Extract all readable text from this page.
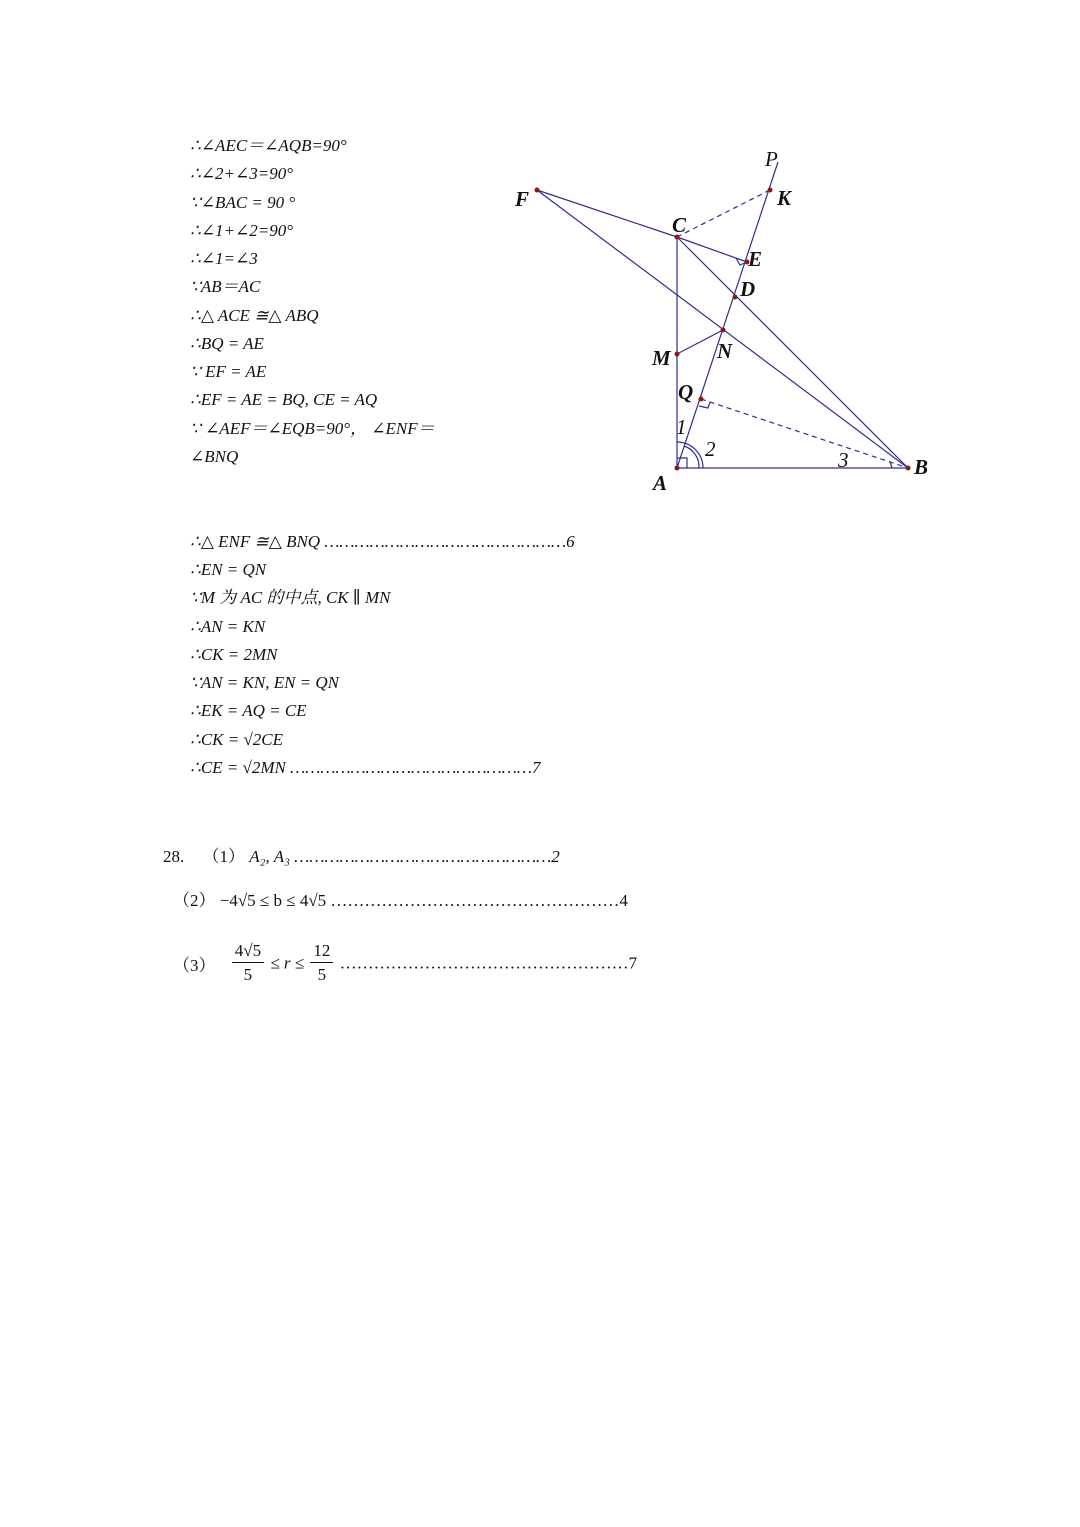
∴∠AEC＝∠AQB=90°
∴∠2+∠3=90°
∵∠BAC = 90 °
∴∠1+∠2=90°
∴∠1=∠3
∵AB＝AC
∴△ ACE ≅△ ABQ
∴BQ = AE
∵ EF = AE
∴EF = AE = BQ, CE = AQ
∵ ∠AEF＝∠EQB=90°， ∠ENF＝
∠BNQ
P
K
F
C
E
D
M N
Q
A
B
1
2	3
∴△ ENF ≅△ BNQ …………………………………………6
∴EN = QN
∵M 为 AC 的中点, CK ∥ MN
∴AN = KN
∴CK = 2MN
∵AN = KN, EN = QN
∴EK = AQ = CE
∴CK = √2CE
∴CE = √2MN …………………………………………7
28. （1） A₂, A₃ ……………………………………………2
（2） −4√5 ≤ b ≤ 4√5 ……………………………………………4
$(3) \frac{4√5}{5} \le r \le \frac{12}{5}$ ……………………………………………7
